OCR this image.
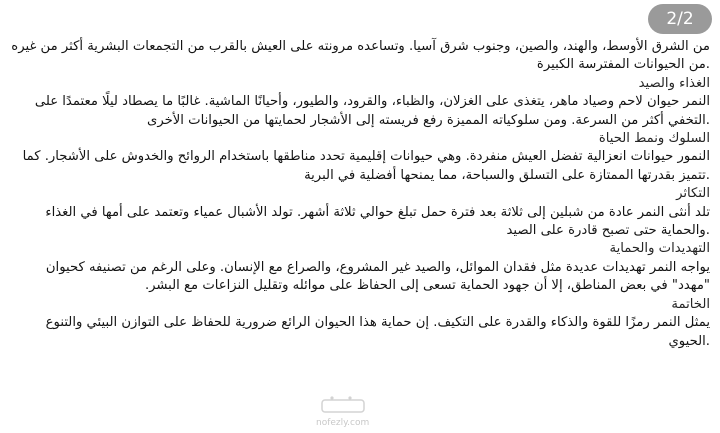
من الشرق الأوسط، والهند، والصين، وجنوب شرق آسيا. وتساعده مرونته على العيش بالقرب من التجمعات البشرية أكثر من غيره

.من الحيوانات المفترسة الكبيرة

الغذاء والصيد

النمر حيوان لاحم وصياد ماهر، يتغذى على الغزلان، والظباء، والقرود، والطيور، وأحيانًا الماشية. غالبًا ما يصطاد ليلًا معتمدًا على

.التخفي أكثر من السرعة. ومن سلوكياته المميزة رفع فريسته إلى الأشجار لحمايتها من الحيوانات الأخرى

السلوك ونمط الحياة

النمور حيوانات انعزالية تفضل العيش منفردة. وهي حيوانات إقليمية تحدد مناطقها باستخدام الروائح والخدوش على الأشجار. كما

.تتميز بقدرتها الممتازة على التسلق والسباحة، مما يمنحها أفضلية في البرية

التكاثر

تلد أنثى النمر عادة من شبلين إلى ثلاثة بعد فترة حمل تبلغ حوالي ثلاثة أشهر. تولد الأشبال عمياء وتعتمد على أمها في الغذاء

.والحماية حتى تصبح قادرة على الصيد

التهديدات والحماية

يواجه النمر تهديدات عديدة مثل فقدان الموائل، والصيد غير المشروع، والصراع مع الإنسان. وعلى الرغم من تصنيفه كحيوان

"مهدد" في بعض المناطق، إلا أن جهود الحماية تسعى إلى الحفاظ على موائله وتقليل النزاعات مع البشر.

الخاتمة

يمثل النمر رمزًا للقوة والذكاء والقدرة على التكيف. إن حماية هذا الحيوان الرائع ضرورية للحفاظ على التوازن البيئي والتنوع

.الحيوي

2/2
nofezly.com
